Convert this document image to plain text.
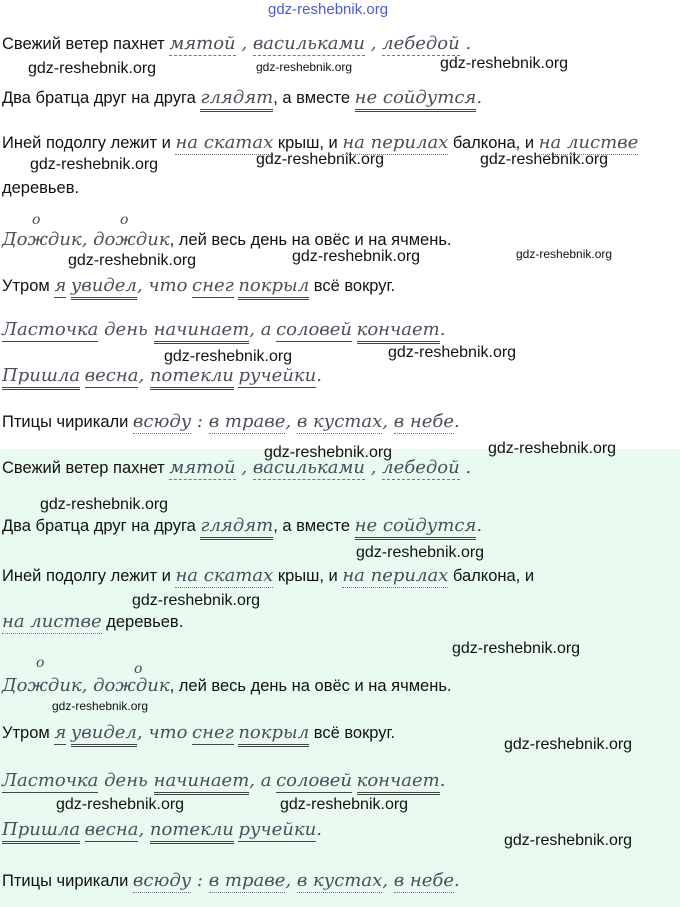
gdz-reshebnik.org
Свежий ветер пахнет мятой , васильками , лебедой .
Два братца друг на друга глядят, а вместе не сойдутся.
Иней подолгу лежит и на скатах крыш, и на перилах балкона, и на листве
деревьев.
о	о
Дождик, дождик, лей весь день на овёс и на ячмень.
Утром я увидел, что снег покрыл всё вокруг.
Ласточка день начинает, а соловей кончает.
Пришла весна, потекли ручейки.
Птицы чирикали всюду : в траве, в кустах, в небе.
Свежий ветер пахнет мятой , васильками , лебедой .
Два братца друг на друга глядят, а вместе не сойдутся.
Иней подолгу лежит и на скатах крыш, и на перилах балкона, и
на листве деревьев.
о	о
Дождик, дождик, лей весь день на овёс и на ячмень.
Утром я увидел, что снег покрыл всё вокруг.
Ласточка день начинает, а соловей кончает.
Пришла весна, потекли ручейки.
Птицы чирикали всюду : в траве, в кустах, в небе.
gdz-reshebnik.org	gdz-reshebnik.org	gdz-reshebnik.org
gdz-reshebnik.org	gdz-reshebnik.org	gdz-reshebnik.org
gdz-reshebnik.org	gdz-reshebnik.org	gdz-reshebnik.org
gdz-reshebnik.org	gdz-reshebnik.org
gdz-reshebnik.org
gdz-reshebnik.org
gdz-reshebnik.org
gdz-reshebnik.org
gdz-reshebnik.org
gdz-reshebnik.org
gdz-reshebnik.org
gdz-reshebnik.org
gdz-reshebnik.org	gdz-reshebnik.org
gdz-reshebnik.org
